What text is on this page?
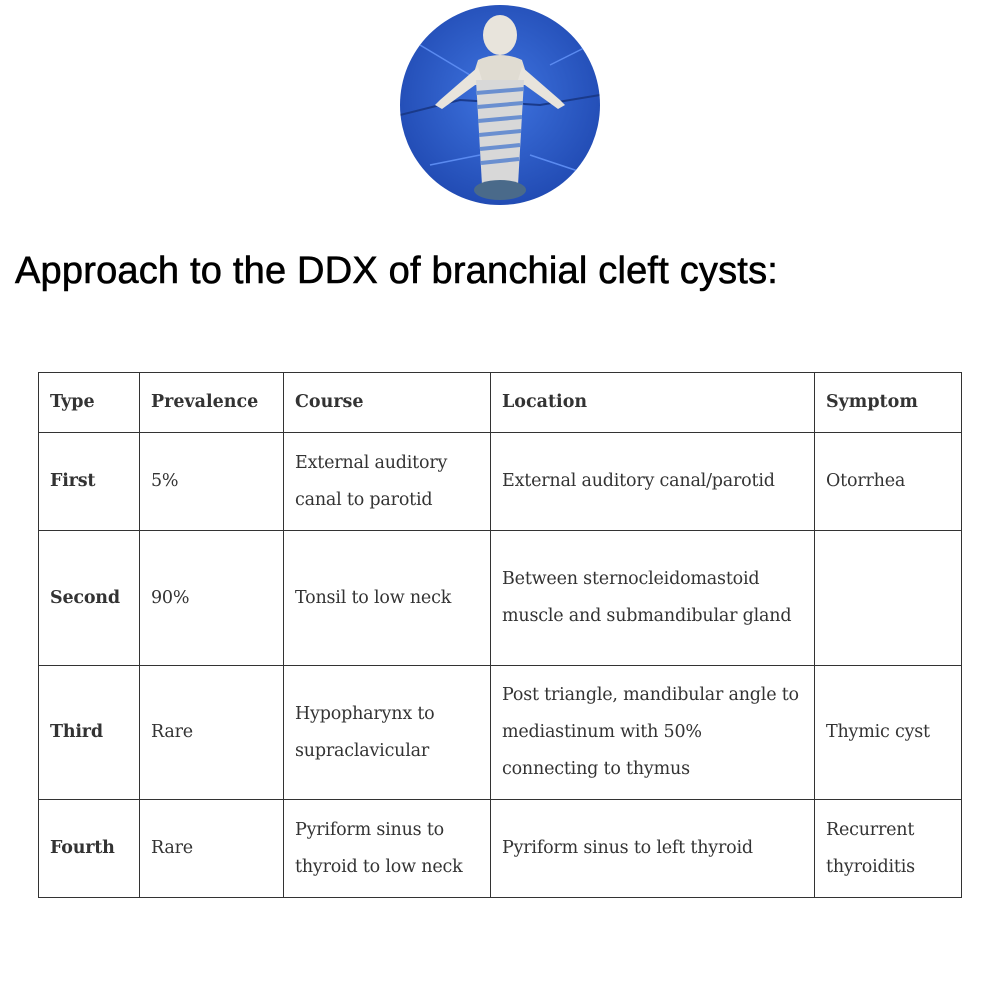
Approach to the DDX of branchial cleft cysts:
Type	Prevalence	Course	Location	Symptom
First	5%	External auditory canal to parotid	External auditory canal/parotid	Otorrhea
Second	90%	Tonsil to low neck	Between sternocleidomastoid muscle and submandibular gland	
Third	Rare	Hypopharynx to supraclavicular	Post triangle, mandibular angle to mediastinum with 50% connecting to thymus	Thymic cyst
Fourth	Rare	Pyriform sinus to thyroid to low neck	Pyriform sinus to left thyroid	Recurrent thyroiditis
